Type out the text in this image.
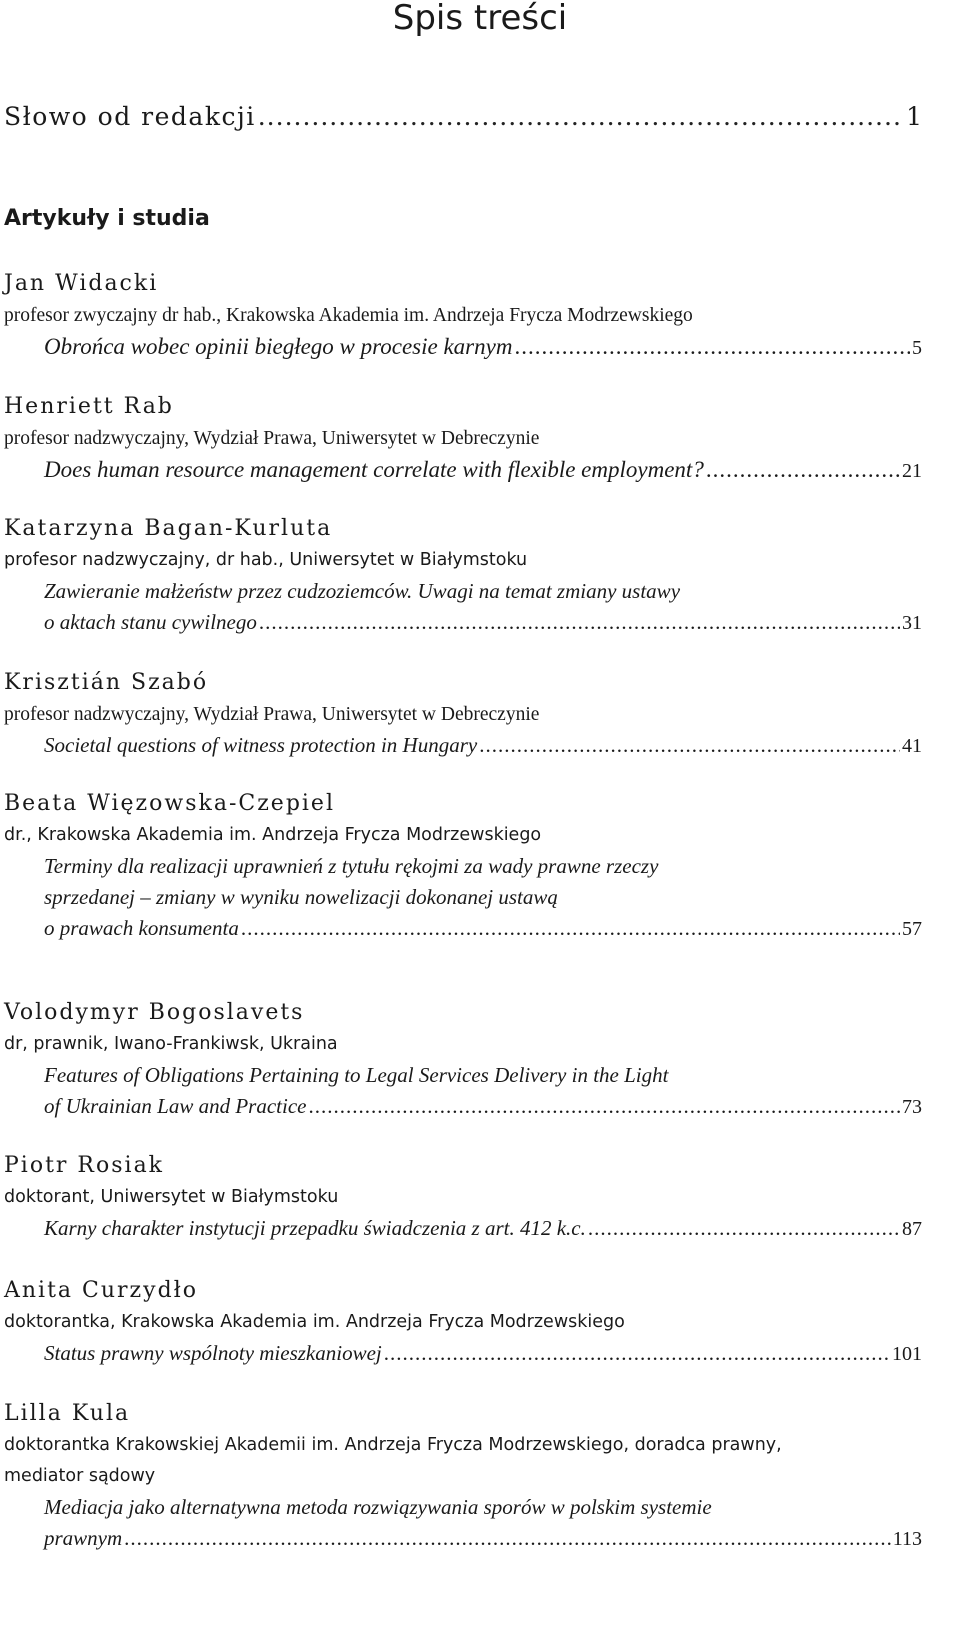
Spis treści
Słowo od redakcji .....	1
Artykuły i studia

Jan Widacki

profesor zwyczajny dr hab., Krakowska Akademia im. Andrzeja Frycza Modrzewskiego

Obrońca wobec opinii biegłego w procesie karnym .....	5

Henriett Rab

profesor nadzwyczajny, Wydział Prawa, Uniwersytet w Debreczynie

Does human resource management correlate with flexible employment? .....	21

Katarzyna Bagan-Kurluta

profesor nadzwyczajny, dr hab., Uniwersytet w Białymstoku

Zawieranie małżeństw przez cudzoziemców. Uwagi na temat zmiany ustawy
o aktach stanu cywilnego .....	31

Krisztián Szabó

profesor nadzwyczajny, Wydział Prawa, Uniwersytet w Debreczynie

Societal questions of witness protection in Hungary .....	41

Beata Więzowska-Czepiel

dr., Krakowska Akademia im. Andrzeja Frycza Modrzewskiego

Terminy dla realizacji uprawnień z tytułu rękojmi za wady prawne rzeczy
sprzedanej – zmiany w wyniku nowelizacji dokonanej ustawą
o prawach konsumenta .....	57

Volodymyr Bogoslavets

dr, prawnik, Iwano-Frankiwsk, Ukraina

Features of Obligations Pertaining to Legal Services Delivery in the Light
of Ukrainian Law and Practice .....	73

Piotr Rosiak

doktorant, Uniwersytet w Białymstoku

Karny charakter instytucji przepadku świadczenia z art. 412 k.c. .....	87

Anita Curzydło

doktorantka, Krakowska Akademia im. Andrzeja Frycza Modrzewskiego

Status prawny wspólnoty mieszkaniowej .....	101

Lilla Kula

doktorantka Krakowskiej Akademii im. Andrzeja Frycza Modrzewskiego, doradca prawny,

mediator sądowy

Mediacja jako alternatywna metoda rozwiązywania sporów w polskim systemie
prawnym .....	113
